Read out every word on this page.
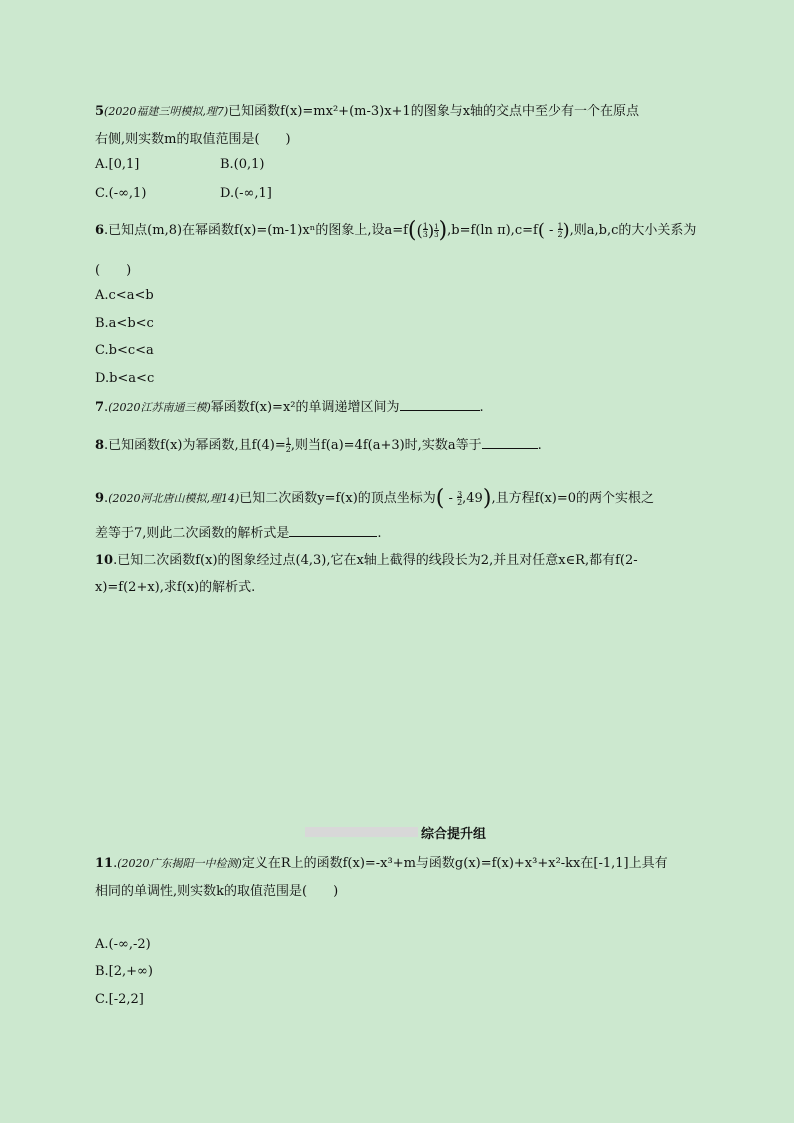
5(2020福建三明模拟,理7)已知函数f(x)=mx²+(m-3)x+1的图象与x轴的交点中至少有一个在原点
右侧,则实数m的取值范围是(　　)
A.[0,1]	B.(0,1)
C.(-∞,1)	D.(-∞,1]
6.已知点(m,8)在幂函数f(x)=(m-1)xⁿ的图象上,设$a=f((\frac{1}{3})\frac{1}{3}),b=f(\ln$ $\pi),c=f( - \frac{1}{2})$,则a,b,c的大小关系为
(　　)
A.c<a<b
B.a<b<c
C.b<c<a
D.b<a<c
7.(2020江苏南通三模)幂函数f(x)=x²的单调递增区间为	.
8.已知函数f(x)为幂函数,且$f(4)=\frac{1}{2}$,则当f(a)=4f(a+3)时,实数a等于	.
9.(2020河北唐山模拟,理14)已知二次函数y=f(x)的顶点坐标为( - $\frac{3}{2},49$),且方程f(x)=0的两个实根之
差等于7,则此二次函数的解析式是	.
10.已知二次函数f(x)的图象经过点(4,3),它在x轴上截得的线段长为2,并且对任意x∈R,都有f(2-
x)=f(2+x),求f(x)的解析式.
综合提升组
11.(2020广东揭阳一中检测)定义在R上的函数f(x)=-x³+m与函数g(x)=f(x)+x³+x²-kx在[-1,1]上具有
相同的单调性,则实数k的取值范围是(　　)
A.(-∞,-2)
B.[2,+∞)
C.[-2,2]
